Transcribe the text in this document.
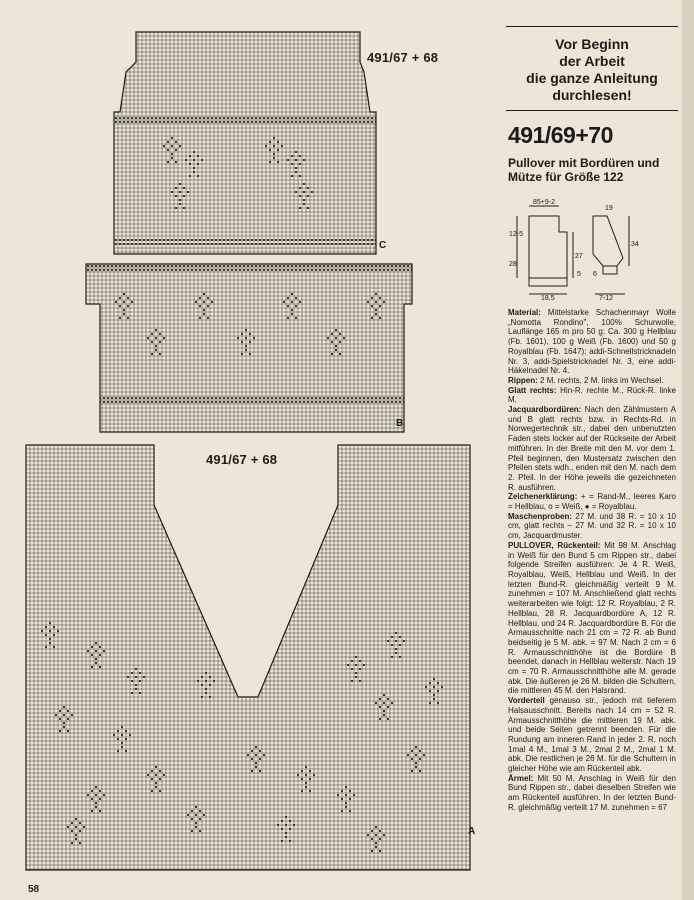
491/67 + 68
C
B
491/67 + 68
A
Vor Beginn
der Arbeit
die ganze Anleitung
durchlesen!
491/69+70
Pullover mit Bordüren und Mütze für Größe 122
85+9-2
12-5
28
27
19
34
5 6
18,5	7-12

Material: Mittelstarke Schachenmayr Wolle „Nomotta Rondino", 100% Schurwolle, Lauflänge 165 m pro 50 g: Ca. 300 g Hellblau (Fb. 1601), 100 g Weiß (Fb. 1600) und 50 g Royalblau (Fb. 1647); addi-Schnellstricknadeln Nr. 3, addi-Spielstricknadel Nr. 3, eine addi-Häkelnadel Nr. 4.

Rippen: 2 M. rechts, 2 M. links im Wechsel.

Glatt rechts: Hin-R. rechte M., Rück-R. linke M.

Jacquardbordüren: Nach den Zählmustern A und B glatt rechts bzw. in Rechts-Rd. in Norwegertechnik str., dabei den unbenutzten Faden stets locker auf der Rückseite der Arbeit mitführen. In der Breite mit den M. vor dem 1. Pfeil beginnen, den Mustersatz zwischen den Pfeilen stets wdh., enden mit den M. nach dem 2. Pfeil. In der Höhe jeweils die gezeichneten R. ausführen.

Zeichenerklärung: + = Rand-M., leeres Karo = Hellblau, o = Weiß, ● = Royalblau.

Maschenproben: 27 M. und 38 R. = 10 x 10 cm, glatt rechts – 27 M. und 32 R. = 10 x 10 cm, Jacquardmuster.

PULLOVER, Rückenteil: Mit 98 M. Anschlag in Weiß für den Bund 5 cm Rippen str., dabei folgende Streifen ausführen: Je 4 R. Weiß, Royalblau, Weiß, Hellblau und Weiß. In der letzten Bund-R. gleichmäßig verteilt 9 M. zunehmen = 107 M. Anschließend glatt rechts weiterarbeiten wie folgt: 12 R. Royalblau, 2 R. Hellblau, 28 R. Jacquardbordüre A, 12 R. Hellblau, und 24 R. Jacquardbordüre B. Für die Armausschnitte nach 21 cm = 72 R. ab Bund beidseitig je 5 M. abk. = 97 M. Nach 2 cm = 6 R. Armausschnitthöhe ist die Bordüre B beendet, danach in Hellblau weiterstr. Nach 19 cm = 70 R. Armausschnitthöhe alle M. gerade abk. Die äußeren je 26 M. bilden die Schultern, die mittleren 45 M. den Halsrand.

Vorderteil genauso str., jedoch mit tieferem Halsausschnitt. Bereits nach 14 cm = 52 R. Armausschnitthöhe die mittleren 19 M. abk. und beide Seiten getrennt beenden. Für die Rundung am inneren Rand in jeder 2. R. noch 1mal 4 M., 1mal 3 M., 2mal 2 M., 2mal 1 M. abk. Die restlichen je 26 M. für die Schultern in gleicher Höhe wie am Rückenteil abk.

Ärmel: Mit 50 M. Anschlag in Weiß für den Bund Rippen str., dabei dieselben Streifen wie am Rückenteil ausführen. In der letzten Bund-R. gleichmäßig verteilt 17 M. zunehmen = 67

58
